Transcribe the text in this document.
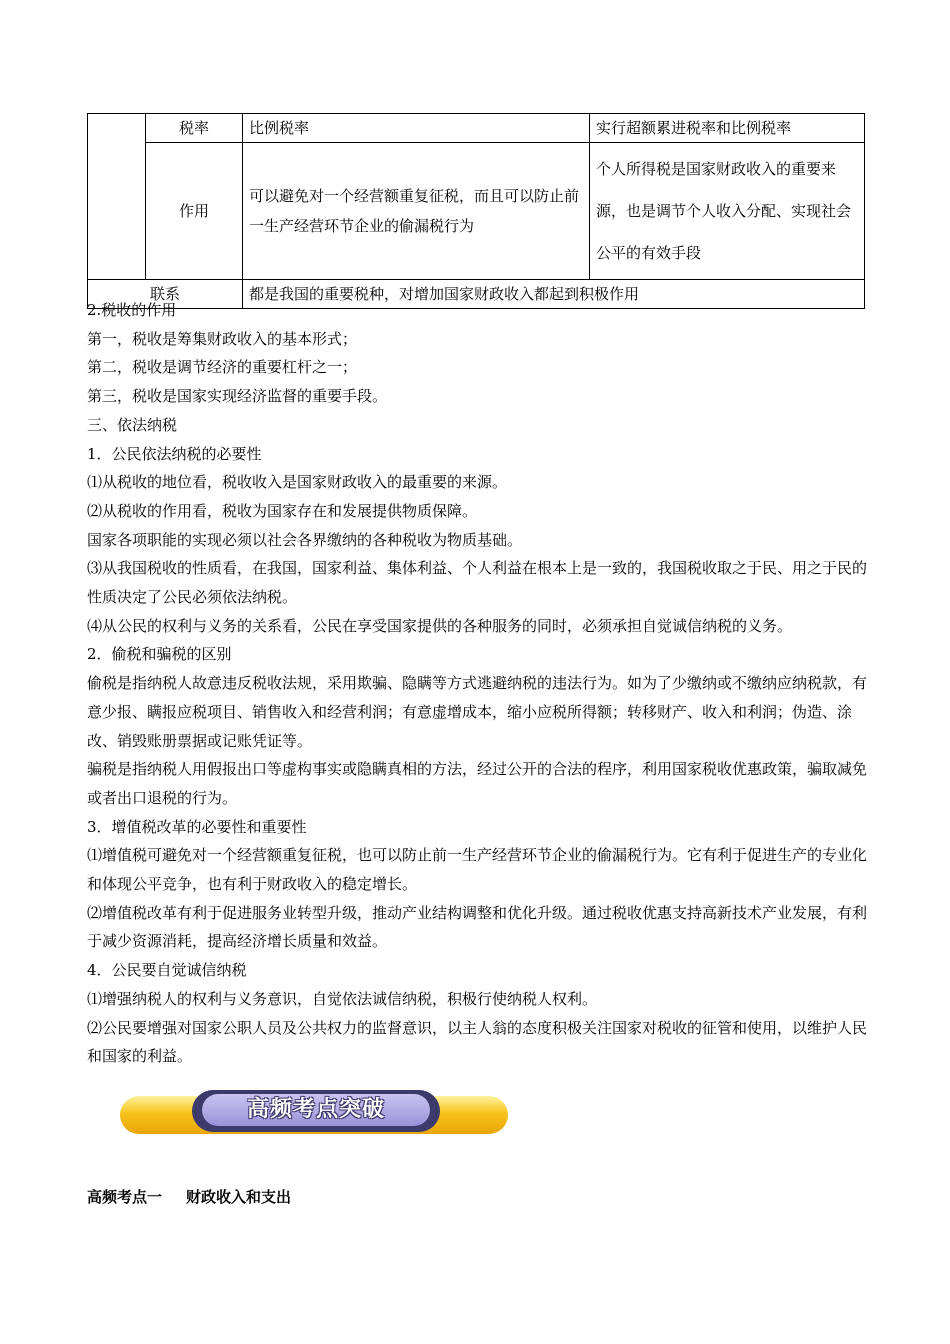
	税率	比例税率	实行超额累进税率和比例税率
	作用	可以避免对一个经营额重复征税，而且可以防止前一生产经营环节企业的偷漏税行为	个人所得税是国家财政收入的重要来源，也是调节个人收入分配、实现社会公平的有效手段
联系		都是我国的重要税种，对增加国家财政收入都起到积极作用	

2.税收的作用

第一，税收是筹集财政收入的基本形式；

第二，税收是调节经济的重要杠杆之一；

第三，税收是国家实现经济监督的重要手段。

三、依法纳税

1．公民依法纳税的必要性

⑴从税收的地位看，税收收入是国家财政收入的最重要的来源。

⑵从税收的作用看，税收为国家存在和发展提供物质保障。

国家各项职能的实现必须以社会各界缴纳的各种税收为物质基础。

⑶从我国税收的性质看，在我国，国家利益、集体利益、个人利益在根本上是一致的，我国税收取之于民、用之于民的性质决定了公民必须依法纳税。

⑷从公民的权利与义务的关系看，公民在享受国家提供的各种服务的同时，必须承担自觉诚信纳税的义务。

2．偷税和骗税的区别

偷税是指纳税人故意违反税收法规，采用欺骗、隐瞒等方式逃避纳税的违法行为。如为了少缴纳或不缴纳应纳税款，有意少报、瞒报应税项目、销售收入和经营利润；有意虚增成本，缩小应税所得额；转移财产、收入和利润；伪造、涂改、销毁账册票据或记账凭证等。

骗税是指纳税人用假报出口等虚构事实或隐瞒真相的方法，经过公开的合法的程序，利用国家税收优惠政策，骗取减免或者出口退税的行为。

3．增值税改革的必要性和重要性

⑴增值税可避免对一个经营额重复征税，也可以防止前一生产经营环节企业的偷漏税行为。它有利于促进生产的专业化和体现公平竞争，也有利于财政收入的稳定增长。

⑵增值税改革有利于促进服务业转型升级，推动产业结构调整和优化升级。通过税收优惠支持高新技术产业发展，有利于减少资源消耗，提高经济增长质量和效益。

4．公民要自觉诚信纳税

⑴增强纳税人的权利与义务意识，自觉依法诚信纳税，积极行使纳税人权利。

⑵公民要增强对国家公职人员及公共权力的监督意识，以主人翁的态度积极关注国家对税收的征管和使用，以维护人民和国家的利益。

高频考点突破
高频考点一 财政收入和支出
